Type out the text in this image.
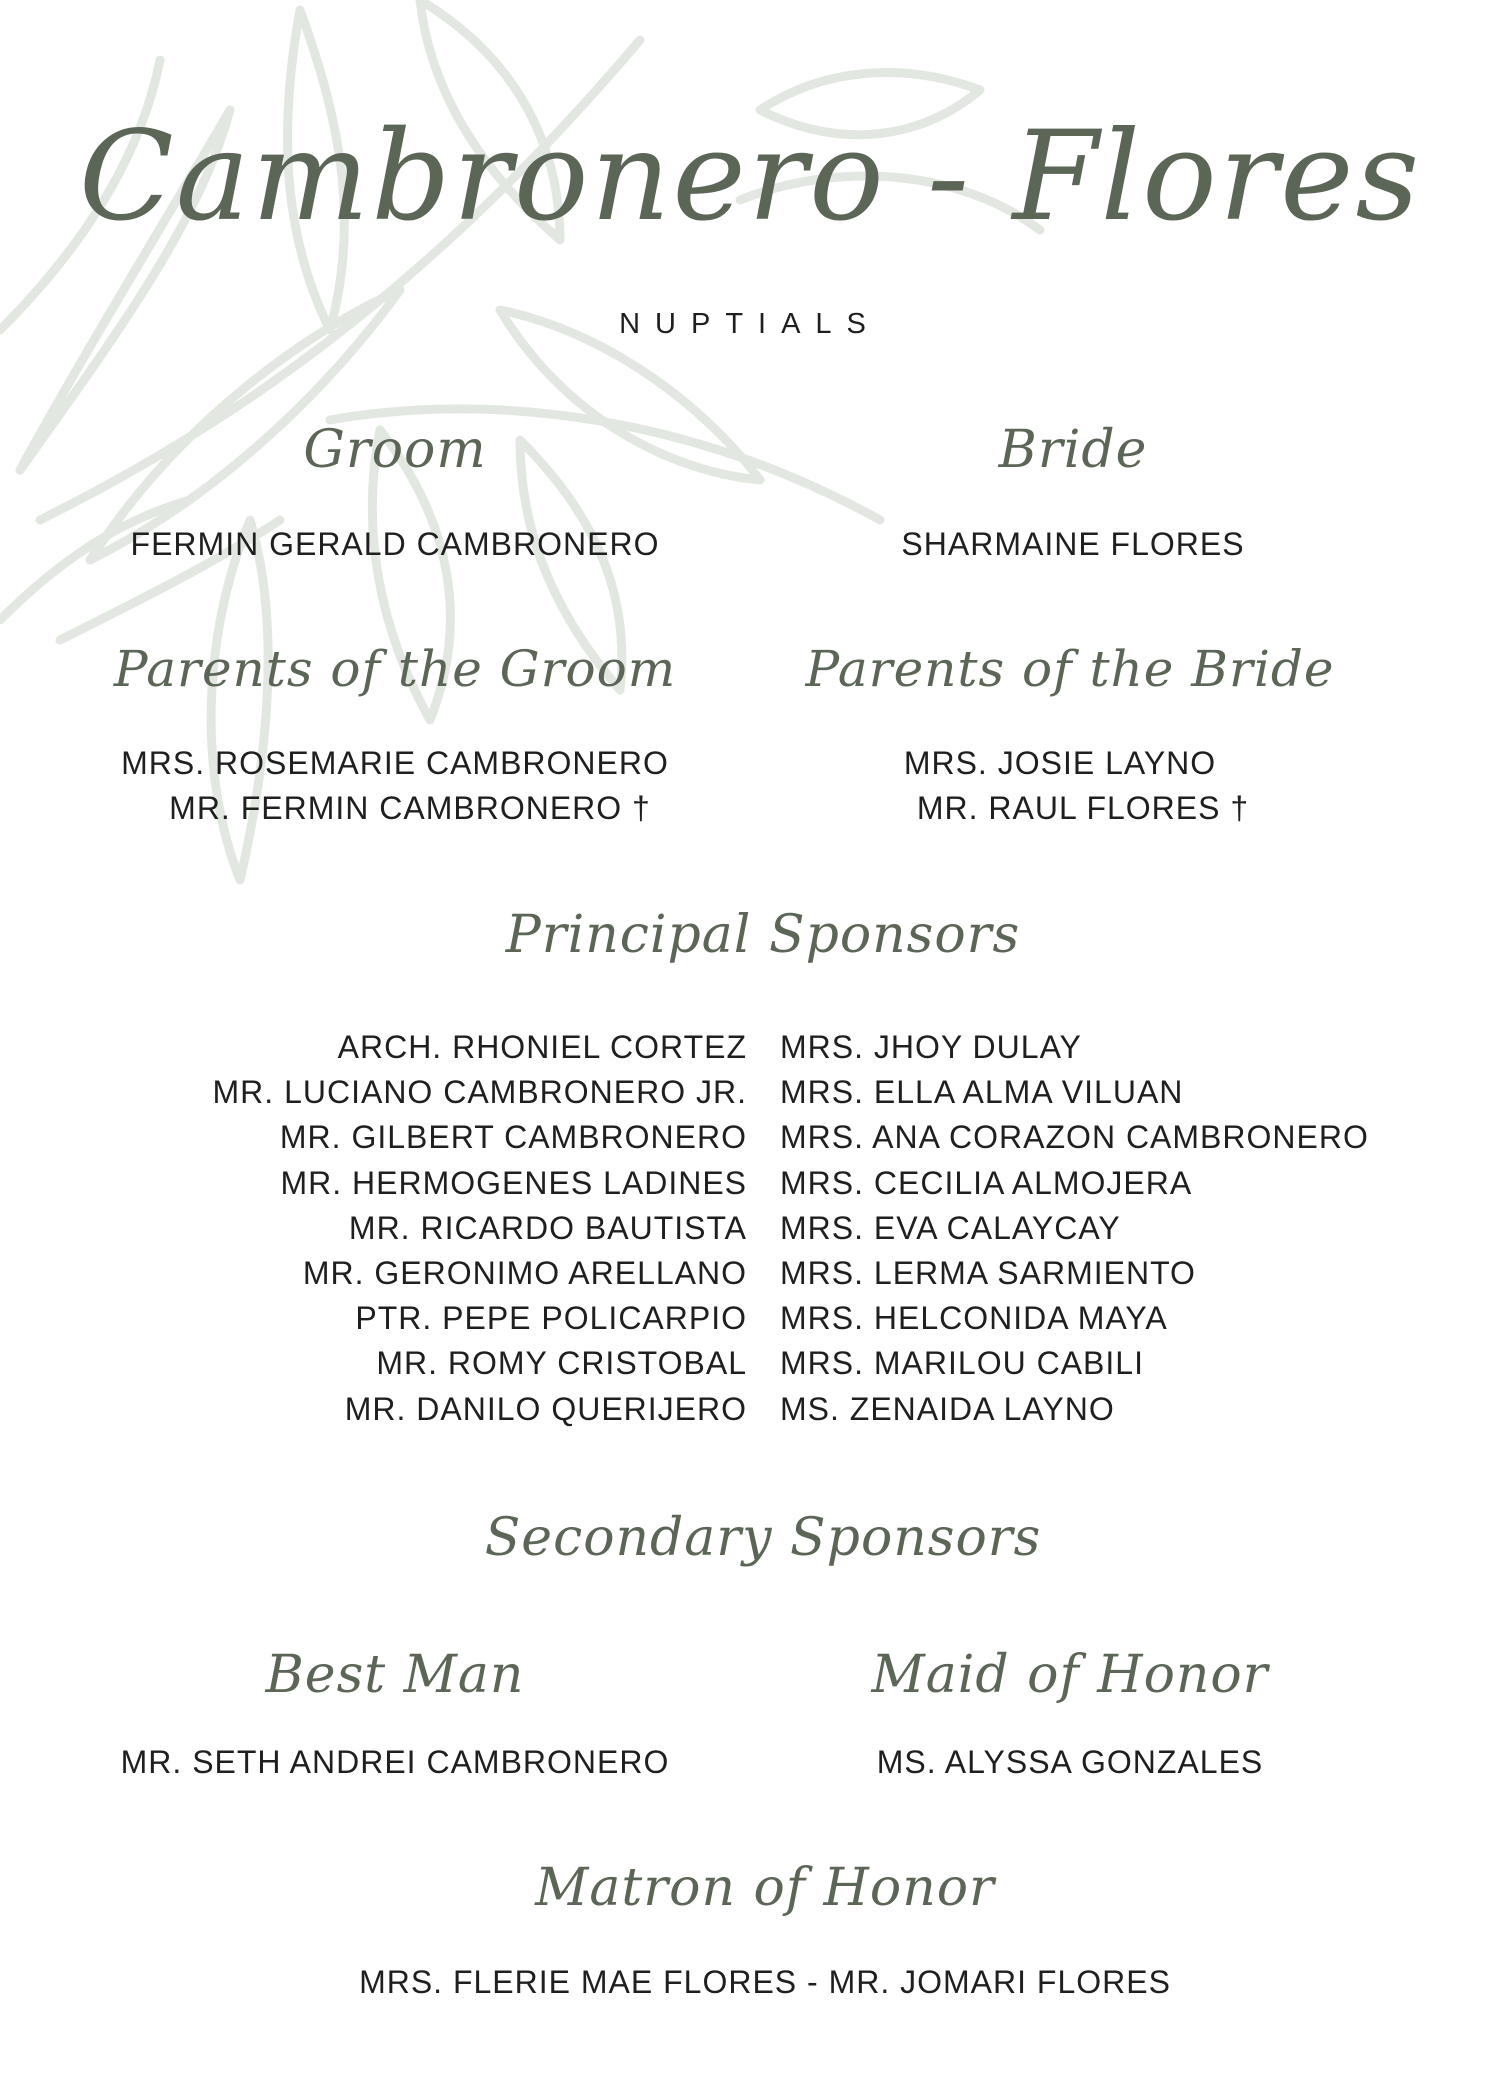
Cambronero - Flores
NUPTIALS
Groom
FERMIN GERALD CAMBRONERO
Bride
SHARMAINE FLORES
Parents of the Groom
MRS. ROSEMARIE CAMBRONERO
MR. FERMIN CAMBRONERO †
Parents of the Bride
MRS. JOSIE LAYNO
MR. RAUL FLORES †
Principal Sponsors
ARCH. RHONIEL CORTEZ
MR. LUCIANO CAMBRONERO JR.
MR. GILBERT CAMBRONERO
MR. HERMOGENES LADINES
MR. RICARDO BAUTISTA
MR. GERONIMO ARELLANO
PTR. PEPE POLICARPIO
MR. ROMY CRISTOBAL
MR. DANILO QUERIJERO
MRS. JHOY DULAY
MRS. ELLA ALMA VILUAN
MRS. ANA CORAZON CAMBRONERO
MRS. CECILIA ALMOJERA
MRS. EVA CALAYCAY
MRS. LERMA SARMIENTO
MRS. HELCONIDA MAYA
MRS. MARILOU CABILI
MS. ZENAIDA LAYNO
Secondary Sponsors
Best Man
MR. SETH ANDREI CAMBRONERO
Maid of Honor
MS. ALYSSA GONZALES
Matron of Honor
MRS. FLERIE MAE FLORES - MR. JOMARI FLORES
